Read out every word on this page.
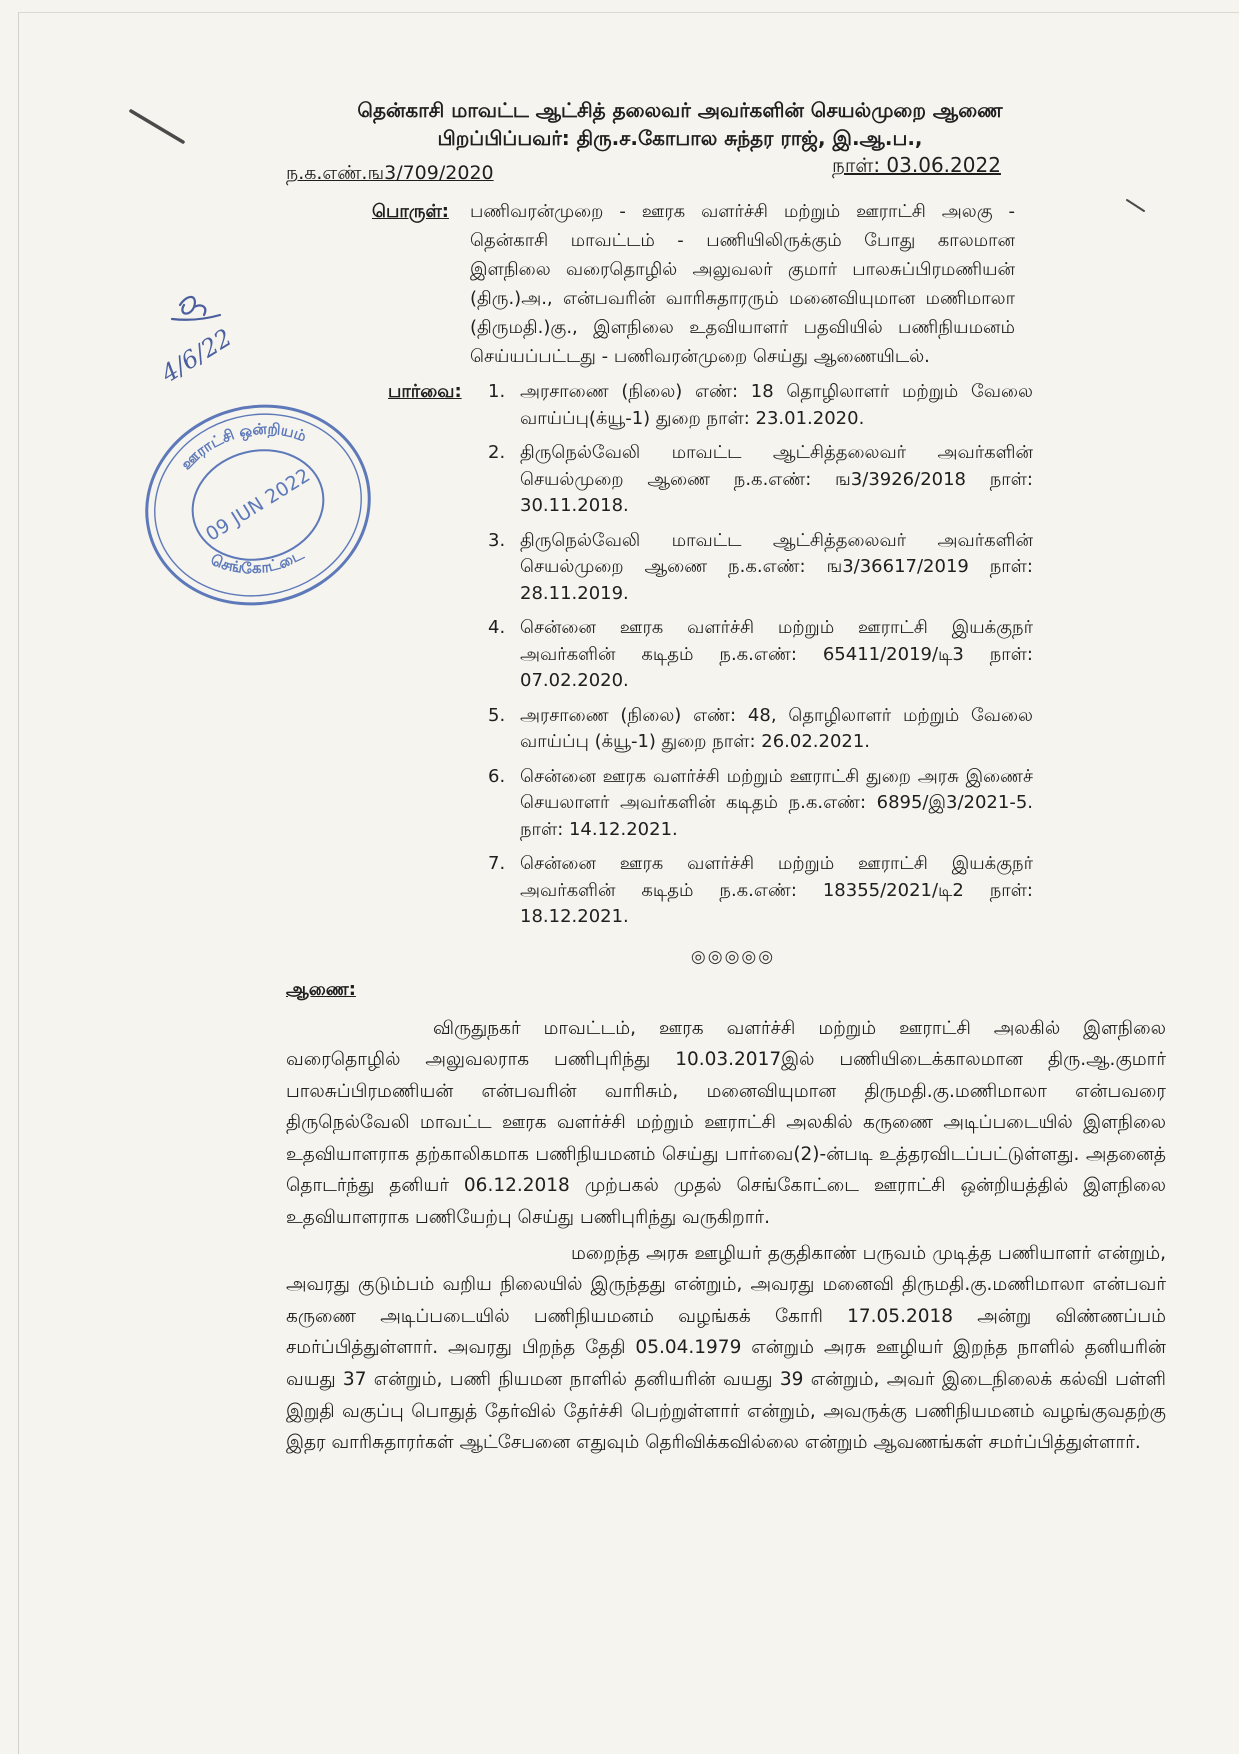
தென்காசி மாவட்ட ஆட்சித் தலைவர் அவர்களின் செயல்முறை ஆணை
பிறப்பிப்பவர்: திரு.ச.கோபால சுந்தர ராஜ், இ.ஆ.ப.,
ந.க.எண்.ங3/709/2020	நாள்: 03.06.2022
பொருள்:	பணிவரன்முறை - ஊரக வளர்ச்சி மற்றும் ஊராட்சி அலகு - தென்காசி மாவட்டம் - பணியிலிருக்கும் போது காலமான இளநிலை வரைதொழில் அலுவலர் குமார் பாலசுப்பிரமணியன் (திரு.)அ., என்பவரின் வாரிசுதாரரும் மனைவியுமான மணிமாலா (திருமதி.)கு., இளநிலை உதவியாளர் பதவியில் பணிநியமனம் செய்யப்பட்டது - பணிவரன்முறை செய்து ஆணையிடல்.
பார்வை:	1. அரசாணை (நிலை) எண்: 18 தொழிலாளர் மற்றும் வேலை வாய்ப்பு(க்யூ-1) துறை நாள்: 23.01.2020.
2. திருநெல்வேலி மாவட்ட ஆட்சித்தலைவர் அவர்களின் செயல்முறை ஆணை ந.க.எண்: ங3/3926/2018 நாள்: 30.11.2018.
3. திருநெல்வேலி மாவட்ட ஆட்சித்தலைவர் அவர்களின் செயல்முறை ஆணை ந.க.எண்: ங3/36617/2019 நாள்: 28.11.2019.
4. சென்னை ஊரக வளர்ச்சி மற்றும் ஊராட்சி இயக்குநர் அவர்களின் கடிதம் ந.க.எண்: 65411/2019/டி3 நாள்: 07.02.2020.
5. அரசாணை (நிலை) எண்: 48, தொழிலாளர் மற்றும் வேலை வாய்ப்பு (க்யூ-1) துறை நாள்: 26.02.2021.
6. சென்னை ஊரக வளர்ச்சி மற்றும் ஊராட்சி துறை அரசு இணைச் செயலாளர் அவர்களின் கடிதம் ந.க.எண்: 6895/இ3/2021-5. நாள்: 14.12.2021.
7. சென்னை ஊரக வளர்ச்சி மற்றும் ஊராட்சி இயக்குநர் அவர்களின் கடிதம் ந.க.எண்: 18355/2021/டி2 நாள்: 18.12.2021.
◎◎◎◎◎
ஆணை:

விருதுநகர் மாவட்டம், ஊரக வளர்ச்சி மற்றும் ஊராட்சி அலகில் இளநிலை வரைதொழில் அலுவலராக பணிபுரிந்து 10.03.2017இல் பணியிடைக்காலமான திரு.ஆ.குமார் பாலசுப்பிரமணியன் என்பவரின் வாரிசும், மனைவியுமான திருமதி.கு.மணிமாலா என்பவரை திருநெல்வேலி மாவட்ட ஊரக வளர்ச்சி மற்றும் ஊராட்சி அலகில் கருணை அடிப்படையில் இளநிலை உதவியாளராக தற்காலிகமாக பணிநியமனம் செய்து பார்வை(2)-ன்படி உத்தரவிடப்பட்டுள்ளது. அதனைத் தொடர்ந்து தனியர் 06.12.2018 முற்பகல் முதல் செங்கோட்டை ஊராட்சி ஒன்றியத்தில் இளநிலை உதவியாளராக பணியேற்பு செய்து பணிபுரிந்து வருகிறார்.

மறைந்த அரசு ஊழியர் தகுதிகாண் பருவம் முடித்த பணியாளர் என்றும், அவரது குடும்பம் வறிய நிலையில் இருந்தது என்றும், அவரது மனைவி திருமதி.கு.மணிமாலா என்பவர் கருணை அடிப்படையில் பணிநியமனம் வழங்கக் கோரி 17.05.2018 அன்று விண்ணப்பம் சமர்ப்பித்துள்ளார். அவரது பிறந்த தேதி 05.04.1979 என்றும் அரசு ஊழியர் இறந்த நாளில் தனியரின் வயது 37 என்றும், பணி நியமன நாளில் தனியரின் வயது 39 என்றும், அவர் இடைநிலைக் கல்வி பள்ளி இறுதி வகுப்பு பொதுத் தேர்வில் தேர்ச்சி பெற்றுள்ளார் என்றும், அவருக்கு பணிநியமனம் வழங்குவதற்கு இதர வாரிசுதாரர்கள் ஆட்சேபனை எதுவும் தெரிவிக்கவில்லை என்றும் ஆவணங்கள் சமர்ப்பித்துள்ளார்.

ஊராட்சி ஒன்றியம்
செங்கோட்டை
09 JUN 2022
4/6/22
